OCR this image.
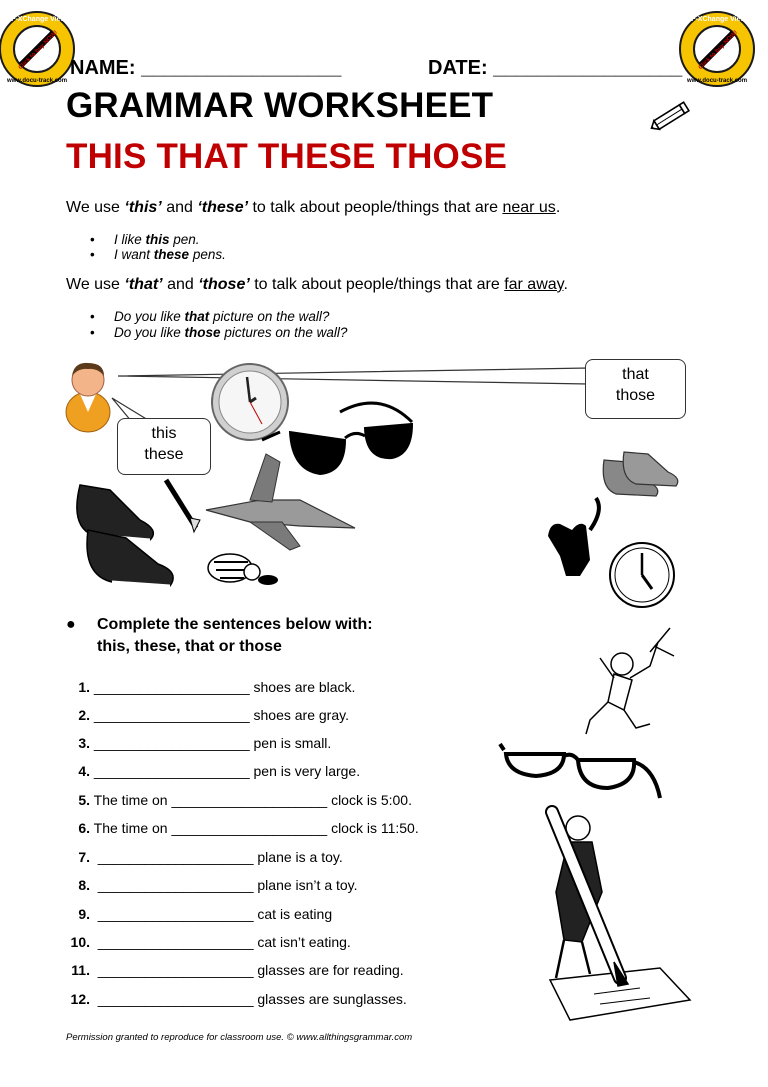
PDF-XChange Viewer
Click to buy NOW!
www.docu-track.com
PDF-XChange Viewer
Click to buy NOW!
www.docu-track.com
NAME: __________________	DATE: _________________
GRAMMAR WORKSHEET
THIS THAT THESE THOSE
We use ‘this’ and ‘these’ to talk about people/things that are near us.
• I like this pen.
• I want these pens.
We use ‘that’ and ‘those’ to talk about people/things that are far away.
• Do you like that picture on the wall?
• Do you like those pictures on the wall?
this
these
that
those
● Complete the sentences below with:
this, these, that or those
1. ____________________ shoes are black.
2. ____________________ shoes are gray.
3. ____________________ pen is small.
4. ____________________ pen is very large.
5. The time on ____________________ clock is 5:00.
6. The time on ____________________ clock is 11:50.
7.  ____________________ plane is a toy.
8.  ____________________ plane isn’t a toy.
9.  ____________________ cat is eating
10.  ____________________ cat isn’t eating.
11.  ____________________ glasses are for reading.
12.  ____________________ glasses are sunglasses.
Permission granted to reproduce for classroom use. © www.allthingsgrammar.com
